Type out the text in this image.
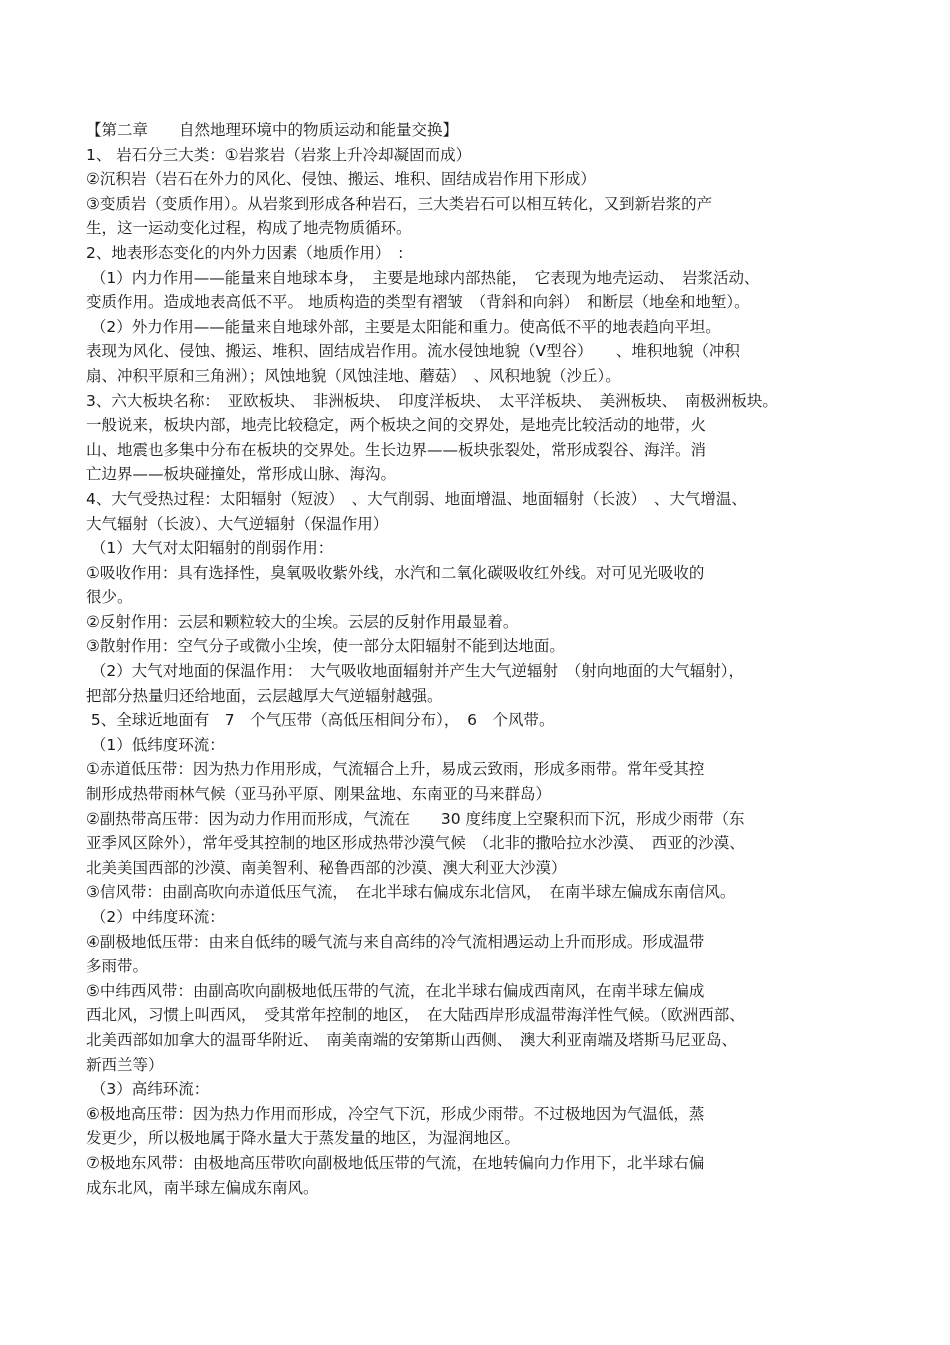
【第二章　　自然地理环境中的物质运动和能量交换】
1、 岩石分三大类：①岩浆岩（岩浆上升冷却凝固而成）
②沉积岩（岩石在外力的风化、侵蚀、搬运、堆积、固结成岩作用下形成）
③变质岩（变质作用）。从岩浆到形成各种岩石，三大类岩石可以相互转化，又到新岩浆的产
生，这一运动变化过程，构成了地壳物质循环。
2、地表形态变化的内外力因素（地质作用）　:
（1）内力作用——能量来自地球本身，　主要是地球内部热能，　它表现为地壳运动、　岩浆活动、
变质作用。造成地表高低不平。 地质构造的类型有褶皱　（背斜和向斜）　和断层（地垒和地堑）。
（2）外力作用——能量来自地球外部，主要是太阳能和重力。使高低不平的地表趋向平坦。
表现为风化、侵蚀、搬运、堆积、固结成岩作用。流水侵蚀地貌（V型谷）　　、堆积地貌（冲积
扇、冲积平原和三角洲）；风蚀地貌（风蚀洼地、蘑菇）　、风积地貌（沙丘）。
3、六大板块名称：　亚欧板块、　非洲板块、　印度洋板块、　太平洋板块、　美洲板块、　南极洲板块。
一般说来，板块内部，地壳比较稳定，两个板块之间的交界处，是地壳比较活动的地带，火
山、地震也多集中分布在板块的交界处。生长边界——板块张裂处，常形成裂谷、海洋。消
亡边界——板块碰撞处，常形成山脉、海沟。
4、大气受热过程：太阳辐射（短波）　、大气削弱、地面增温、地面辐射（长波）　、大气增温、
大气辐射（长波）、大气逆辐射（保温作用）
（1）大气对太阳辐射的削弱作用：
①吸收作用：具有选择性，臭氧吸收紫外线，水汽和二氧化碳吸收红外线。对可见光吸收的
很少。
②反射作用：云层和颗粒较大的尘埃。云层的反射作用最显着。
③散射作用：空气分子或微小尘埃，使一部分太阳辐射不能到达地面。
（2）大气对地面的保温作用：　大气吸收地面辐射并产生大气逆辐射　（射向地面的大气辐射），
把部分热量归还给地面，云层越厚大气逆辐射越强。
5、全球近地面有　7　个气压带（高低压相间分布），　6　个风带。
（1）低纬度环流：
①赤道低压带：因为热力作用形成，气流辐合上升，易成云致雨，形成多雨带。常年受其控
制形成热带雨林气候（亚马孙平原、刚果盆地、东南亚的马来群岛）
②副热带高压带：因为动力作用而形成，气流在　　30 度纬度上空聚积而下沉，形成少雨带（东
亚季风区除外），常年受其控制的地区形成热带沙漠气候　（北非的撒哈拉水沙漠、　西亚的沙漠、
北美美国西部的沙漠、南美智利、秘鲁西部的沙漠、澳大利亚大沙漠）
③信风带：由副高吹向赤道低压气流，　在北半球右偏成东北信风，　在南半球左偏成东南信风。
（2）中纬度环流：
④副极地低压带：由来自低纬的暖气流与来自高纬的冷气流相遇运动上升而形成。形成温带
多雨带。
⑤中纬西风带：由副高吹向副极地低压带的气流，在北半球右偏成西南风，在南半球左偏成
西北风，习惯上叫西风，　受其常年控制的地区，　在大陆西岸形成温带海洋性气候。（欧洲西部、
北美西部如加拿大的温哥华附近、　南美南端的安第斯山西侧、　澳大利亚南端及塔斯马尼亚岛、
新西兰等）
（3）高纬环流：
⑥极地高压带：因为热力作用而形成，冷空气下沉，形成少雨带。不过极地因为气温低，蒸
发更少，所以极地属于降水量大于蒸发量的地区，为湿润地区。
⑦极地东风带：由极地高压带吹向副极地低压带的气流，在地转偏向力作用下，北半球右偏
成东北风，南半球左偏成东南风。
